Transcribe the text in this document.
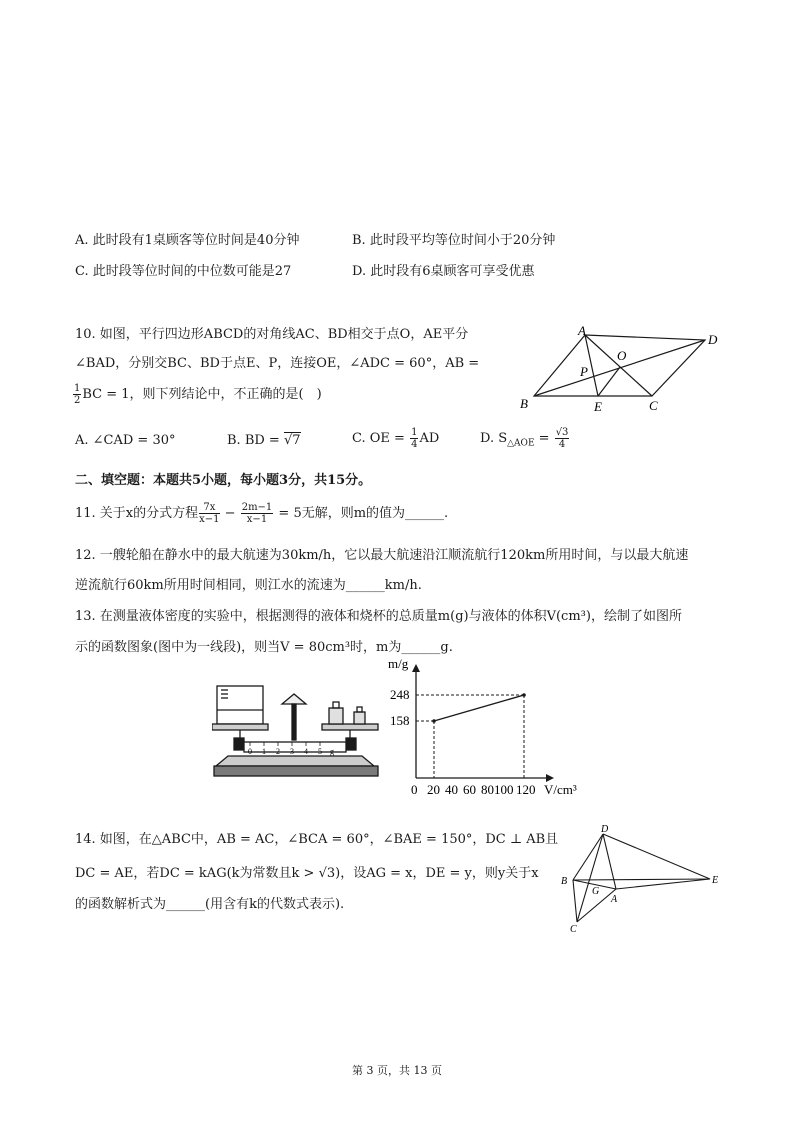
A. 此时段有1桌顾客等位时间是40分钟	B. 此时段平均等位时间小于20分钟
C. 此时段等位时间的中位数可能是27	D. 此时段有6桌顾客可享受优惠
10. 如图，平行四边形ABCD的对角线AC、BD相交于点O，AE平分
∠BAD，分别交BC、BD于点E、P，连接OE，∠ADC = 60°，AB =
$\frac{1}{2}$ BC = 1，则下列结论中，不正确的是(　)
A
D
B	C
E
O
P
A. ∠CAD = 30°	B. BD = √7	C. OE = $\frac{1}{4}$ AD	D. $S_{\triangle AOE} = \frac{√3}{4}$
二、填空题：本题共5小题，每小题3分，共15分。
11. 关于x的分式方程 $\frac{7x}{x-1} - \frac{2m-1}{x-1} = 5$无解，则m的值为______.
12. 一艘轮船在静水中的最大航速为30km/h，它以最大航速沿江顺流航行120km所用时间，与以最大航速
逆流航行60km所用时间相同，则江水的流速为______km/h.
13. 在测量液体密度的实验中，根据测得的液体和烧杯的总质量m(g)与液体的体积V(cm³)，绘制了如图所
示的函数图象(图中为一线段)，则当V = 80cm³时，m为______g.
0 1 2 3 4 5 g
m/g
248
158
0 20 40 60 80 100 120 V/cm³
14. 如图，在△ABC中，AB = AC，∠BCA = 60°，∠BAE = 150°，DC ⊥ AB且
DC = AE，若DC = kAG(k为常数且k > √3)，设AG = x，DE = y，则y关于x
的函数解析式为______(用含有k的代数式表示).
D
B
G
A
E
C
第 3 页，共 13 页
